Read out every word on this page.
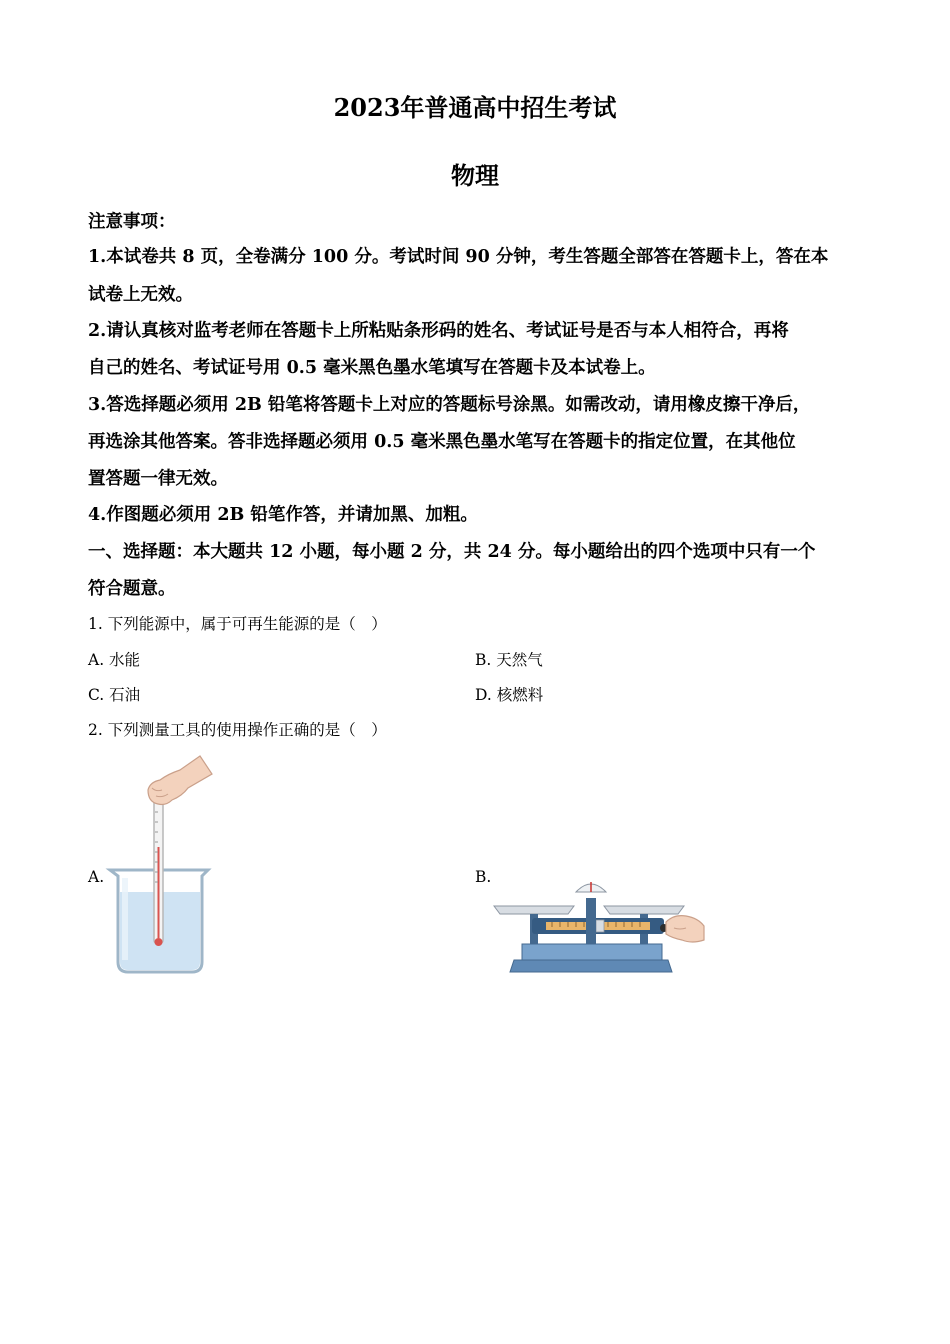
2023年普通高中招生考试
物理
注意事项：
1.本试卷共 8 页，全卷满分 100 分。考试时间 90 分钟，考生答题全部答在答题卡上，答在本
试卷上无效。
2.请认真核对监考老师在答题卡上所粘贴条形码的姓名、考试证号是否与本人相符合，再将
自己的姓名、考试证号用 0.5 毫米黑色墨水笔填写在答题卡及本试卷上。
3.答选择题必须用 2B 铅笔将答题卡上对应的答题标号涂黑。如需改动，请用橡皮擦干净后，
再选涂其他答案。答非选择题必须用 0.5 毫米黑色墨水笔写在答题卡的指定位置，在其他位
置答题一律无效。
4.作图题必须用 2B 铅笔作答，并请加黑、加粗。
一、选择题：本大题共 12 小题，每小题 2 分，共 24 分。每小题给出的四个选项中只有一个
符合题意。
1. 下列能源中，属于可再生能源的是（　）
A. 水能	B. 天然气
C. 石油	D. 核燃料
2. 下列测量工具的使用操作正确的是（　）
A.	B.
